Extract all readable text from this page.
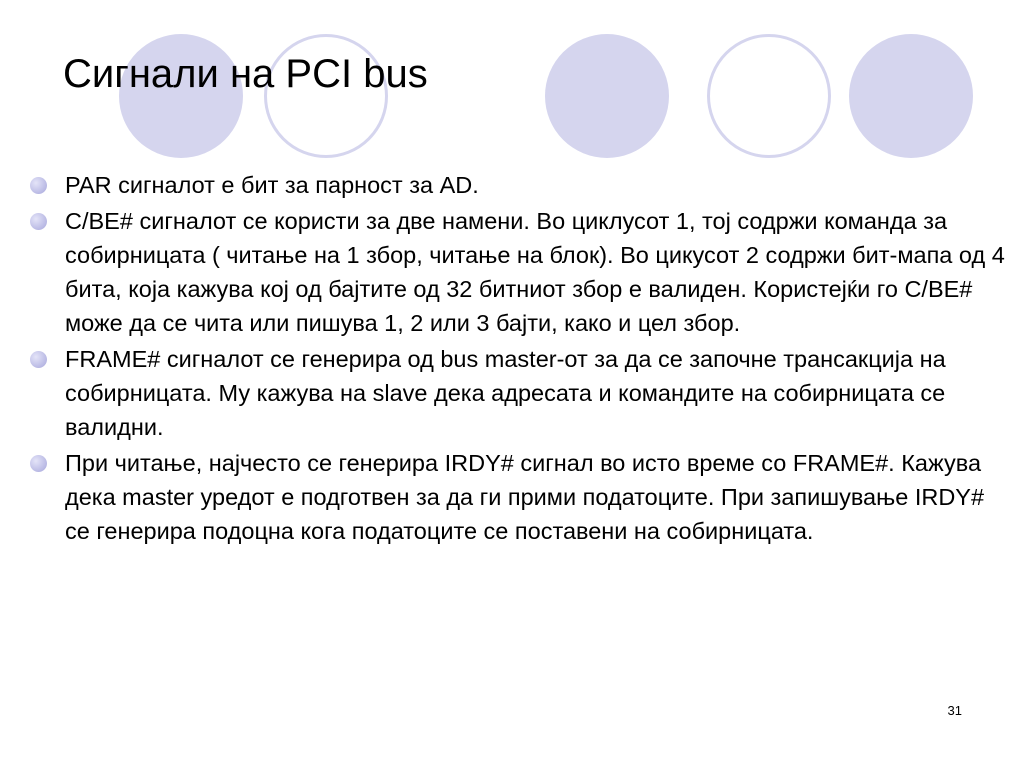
Сигнали на PCI bus
PAR сигналот е бит за парност за AD.
C/BE# сигналот се користи за две намени. Во циклусот 1, тој содржи команда за собирницата ( читање на 1 збор, читање на блок). Во цикусот 2 содржи бит-мапа од 4 бита, која кажува кој од бајтите од 32 битниот збор е валиден. Користејќи го C/BE# може да се чита или пишува 1, 2 или 3 бајти, како и цел збор.
FRAME# сигналот се генерира од bus master-от за да се започне трансакција на собирницата. Му кажува на slave дека адресата и командите на собирницата се валидни.
При читање, најчесто се генерира IRDY# сигнал во исто време со FRAME#. Кажува дека master уредот е подготвен за да ги прими податоците. При запишување IRDY# се генерира подоцна кога податоците се поставени на собирницата.
31
